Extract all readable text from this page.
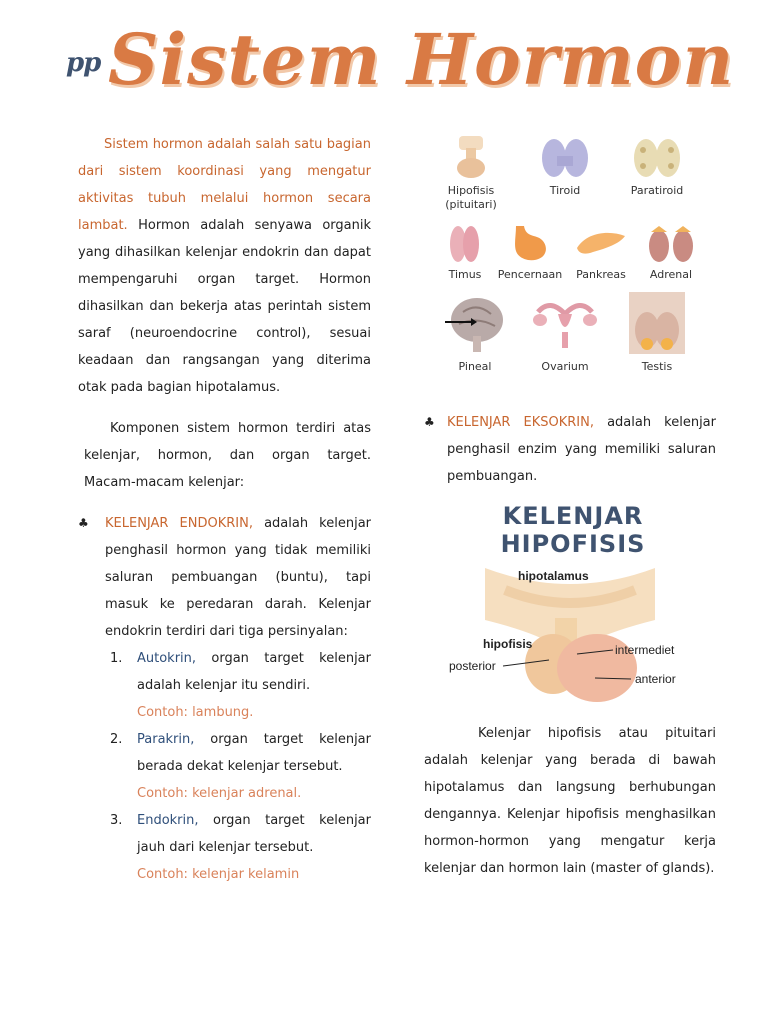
pp Sistem Hormon

Sistem hormon adalah salah satu bagian dari sistem koordinasi yang mengatur aktivitas tubuh melalui hormon secara lambat. Hormon adalah senyawa organik yang dihasilkan kelenjar endokrin dan dapat mempengaruhi organ target. Hormon dihasilkan dan bekerja atas perintah sistem saraf (neuroendocrine control), sesuai keadaan dan rangsangan yang diterima otak pada bagian hipotalamus.

Komponen sistem hormon terdiri atas kelenjar, hormon, dan organ target. Macam-macam kelenjar:

♣ KELENJAR ENDOKRIN, adalah kelenjar penghasil hormon yang tidak memiliki saluran pembuangan (buntu), tapi masuk ke peredaran darah. Kelenjar endokrin terdiri dari tiga persinyalan:
1. Autokrin, organ target kelenjar adalah kelenjar itu sendiri.
Contoh: lambung.
2. Parakrin, organ target kelenjar berada dekat kelenjar tersebut.
Contoh: kelenjar adrenal.
3. Endokrin, organ target kelenjar jauh dari kelenjar tersebut.
Contoh: kelenjar kelamin
Hipofisis (pituitari)
Tiroid	Paratiroid
Timus	Pencernaan	Pankreas	Adrenal
Pineal	Ovarium	Testis
♣ KELENJAR EKSOKRIN, adalah kelenjar penghasil enzim yang memiliki saluran pembuangan.
KELENJAR HIPOFISIS
hipotalamus
hipofisis
posterior
intermediet
anterior

Kelenjar hipofisis atau pituitari adalah kelenjar yang berada di bawah hipotalamus dan langsung berhubungan dengannya. Kelenjar hipofisis menghasilkan hormon-hormon yang mengatur kerja kelenjar dan hormon lain (master of glands).
